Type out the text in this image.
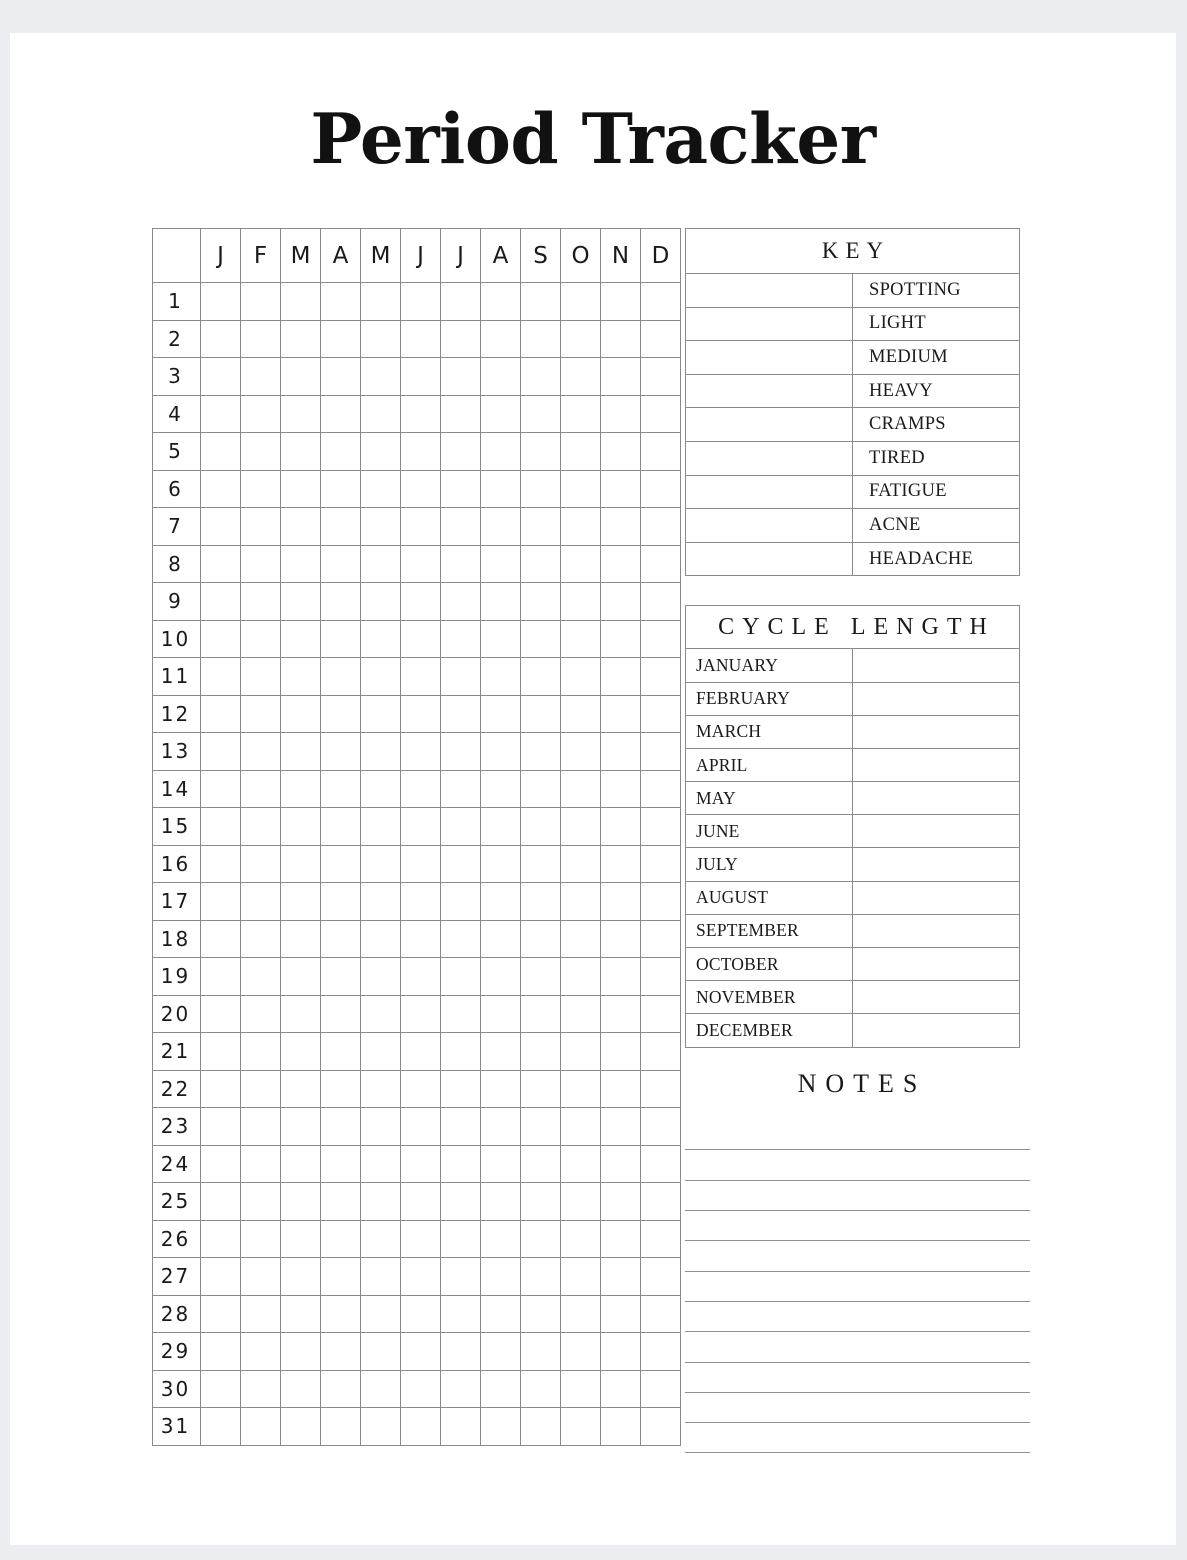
Period Tracker
	J	F	M	A	M	J	J	A	S	O	N	D
1												
2												
3												
4												
5												
6												
7												
8												
9												
10												
11												
12												
13												
14												
15												
16												
17												
18												
19												
20												
21												
22												
23												
24												
25												
26												
27												
28												
29												
30												
31												
KEY	
	SPOTTING
	LIGHT
	MEDIUM
	HEAVY
	CRAMPS
	TIRED
	FATIGUE
	ACNE
	HEADACHE
CYCLE LENGTH	
JANUARY	
FEBRUARY	
MARCH	
APRIL	
MAY	
JUNE	
JULY	
AUGUST	
SEPTEMBER	
OCTOBER	
NOVEMBER	
DECEMBER	
NOTES
